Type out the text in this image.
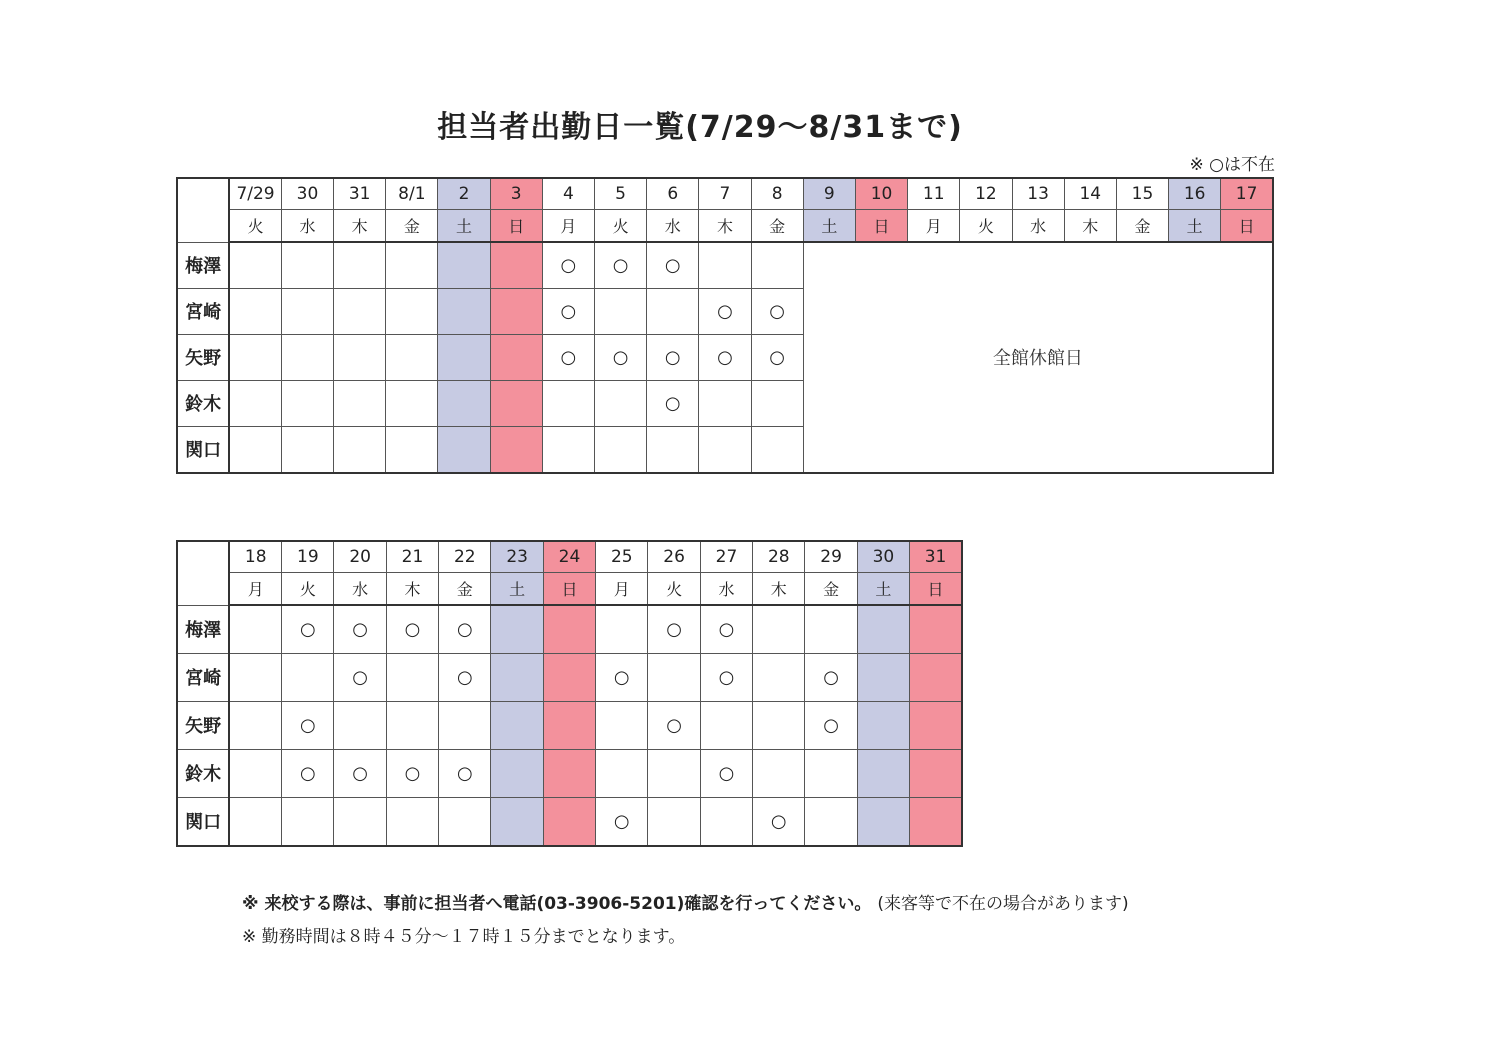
担当者出勤日一覧(7/29～8/31まで)
※ ○は不在
	7/29	30	31	8/1	2	3	4	5	6	7	8	9	10	11	12	13	14	15	16	17
	火	水	木	金	土	日	月	火	水	木	金	土	日	月	火	水	木	金	土	日
梅澤							○	○	○			全館休館日								
宮崎							○			○	○									
矢野							○	○	○	○	○									
鈴木									○											
関口																				
	18	19	20	21	22	23	24	25	26	27	28	29	30	31
	月	火	水	木	金	土	日	月	火	水	木	金	土	日
梅澤		○	○	○	○				○	○				
宮崎			○		○			○		○		○		
矢野		○							○			○		
鈴木		○	○	○	○					○				
関口								○			○			
※ 来校する際は、事前に担当者へ電話(03-3906-5201)確認を行ってください。 (来客等で不在の場合があります)
※ 勤務時間は８時４５分～１７時１５分までとなります。
